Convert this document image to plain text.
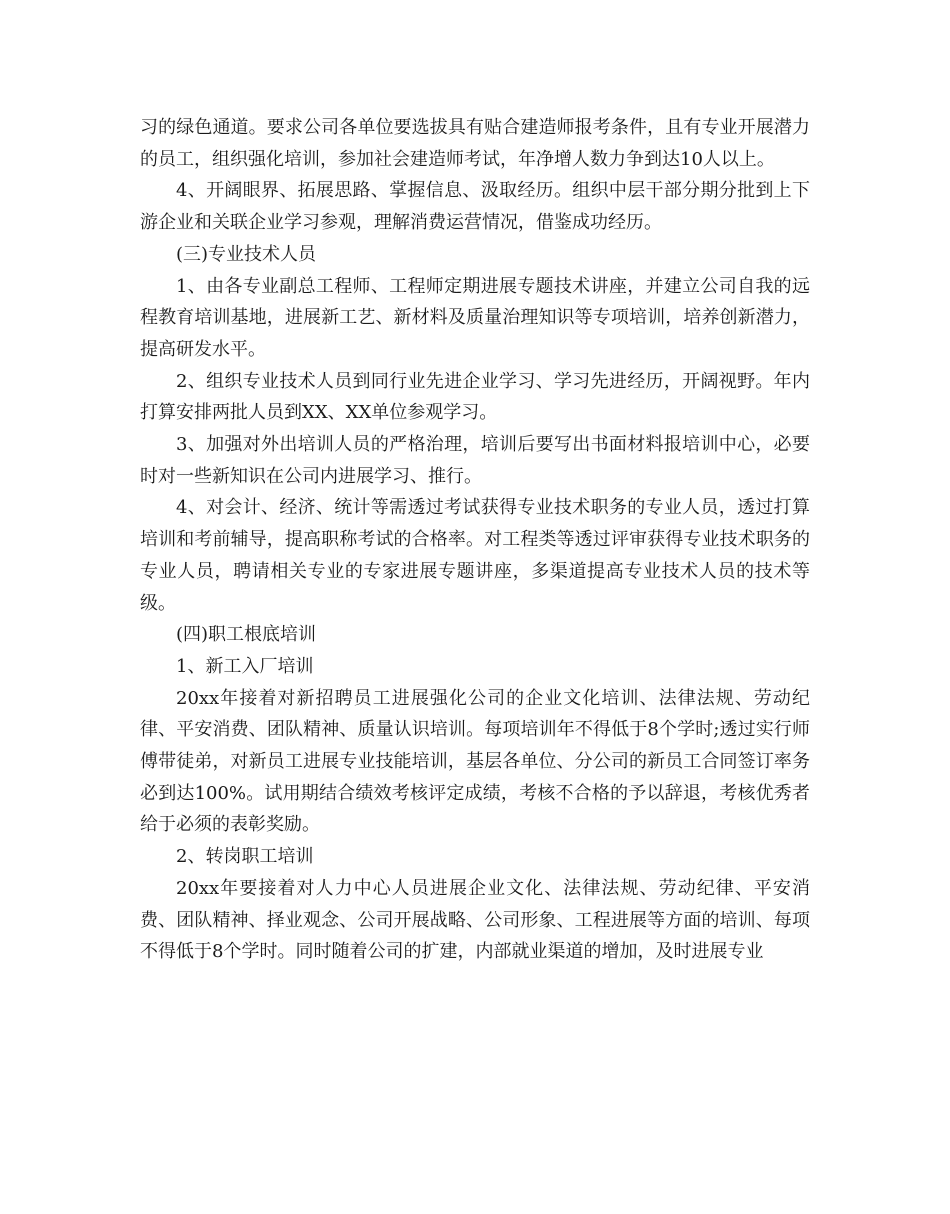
习的绿色通道。要求公司各单位要选拔具有贴合建造师报考条件，且有专业开展潜力的员工，组织强化培训，参加社会建造师考试，年净增人数力争到达10人以上。

4、开阔眼界、拓展思路、掌握信息、汲取经历。组织中层干部分期分批到上下游企业和关联企业学习参观，理解消费运营情况，借鉴成功经历。

(三)专业技术人员

1、由各专业副总工程师、工程师定期进展专题技术讲座，并建立公司自我的远程教育培训基地，进展新工艺、新材料及质量治理知识等专项培训，培养创新潜力，提高研发水平。

2、组织专业技术人员到同行业先进企业学习、学习先进经历，开阔视野。年内打算安排两批人员到XX、XX单位参观学习。

3、加强对外出培训人员的严格治理，培训后要写出书面材料报培训中心，必要时对一些新知识在公司内进展学习、推行。

4、对会计、经济、统计等需透过考试获得专业技术职务的专业人员，透过打算培训和考前辅导，提高职称考试的合格率。对工程类等透过评审获得专业技术职务的专业人员，聘请相关专业的专家进展专题讲座，多渠道提高专业技术人员的技术等级。

(四)职工根底培训

1、新工入厂培训

20xx年接着对新招聘员工进展强化公司的企业文化培训、法律法规、劳动纪律、平安消费、团队精神、质量认识培训。每项培训年不得低于8个学时;透过实行师傅带徒弟，对新员工进展专业技能培训，基层各单位、分公司的新员工合同签订率务必到达100%。试用期结合绩效考核评定成绩，考核不合格的予以辞退，考核优秀者给于必须的表彰奖励。

2、转岗职工培训

20xx年要接着对人力中心人员进展企业文化、法律法规、劳动纪律、平安消费、团队精神、择业观念、公司开展战略、公司形象、工程进展等方面的培训、每项不得低于8个学时。同时随着公司的扩建，内部就业渠道的增加，及时进展专业
